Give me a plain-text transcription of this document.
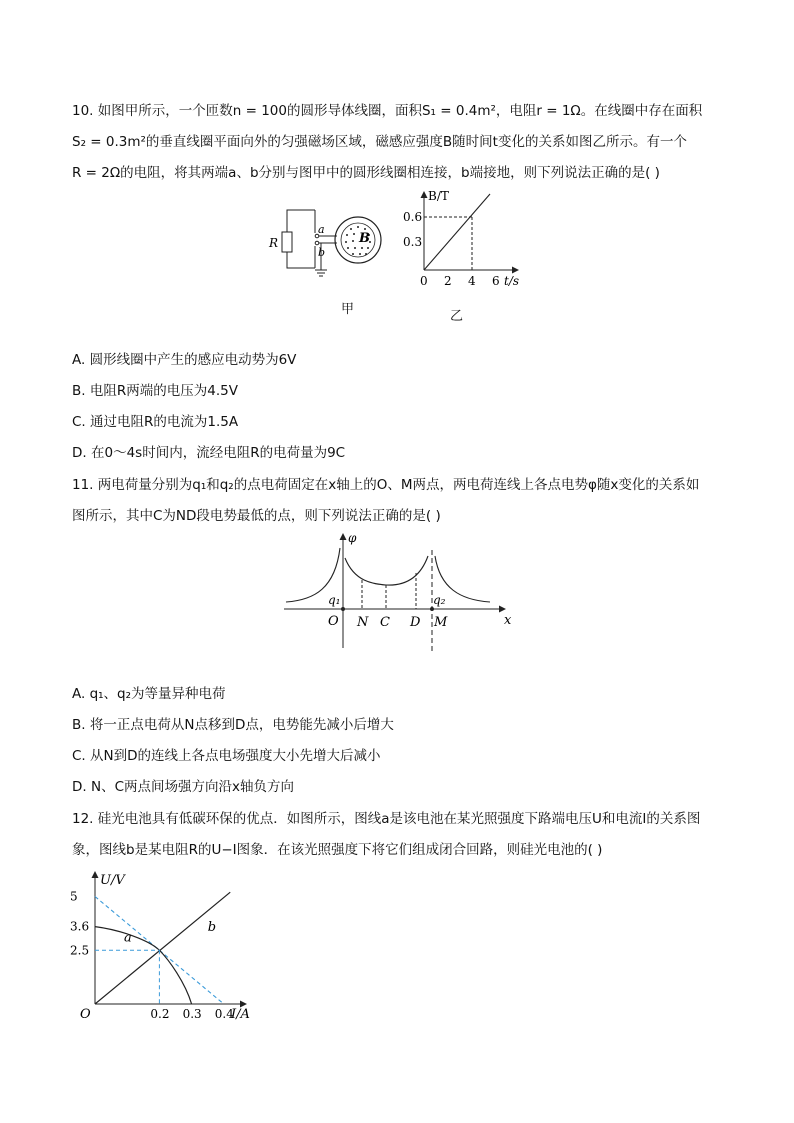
10. 如图甲所示，一个匝数n = 100的圆形导体线圈，面积S₁ = 0.4m²，电阻r = 1Ω。在线圈中存在面积
S₂ = 0.3m²的垂直线圈平面向外的匀强磁场区域，磁感应强度B随时间t变化的关系如图乙所示。有一个
R = 2Ω的电阻，将其两端a、b分别与图甲中的圆形线圈相连接，b端接地，则下列说法正确的是( )
R
a
b
B
甲
B/T
0.6
0.3
0 2 4 6 t/s
乙
A. 圆形线圈中产生的感应电动势为6V
B. 电阻R两端的电压为4.5V
C. 通过电阻R的电流为1.5A
D. 在0～4s时间内，流经电阻R的电荷量为9C
11. 两电荷量分别为q₁和q₂的点电荷固定在x轴上的O、M两点，两电荷连线上各点电势φ随x变化的关系如
图所示，其中C为ND段电势最低的点，则下列说法正确的是( )
φ
q₁	q₂
O N C D M	x
A. q₁、q₂为等量异种电荷
B. 将一正点电荷从N点移到D点，电势能先减小后增大
C. 从N到D的连线上各点电场强度大小先增大后减小
D. N、C两点间场强方向沿x轴负方向
12. 硅光电池具有低碳环保的优点．如图所示，图线a是该电池在某光照强度下路端电压U和电流I的关系图
象，图线b是某电阻R的U−I图象．在该光照强度下将它们组成闭合回路，则硅光电池的( )
a
b
5
3.6
2.5
0.2 0.3 0.4
U/V
O	I/A
